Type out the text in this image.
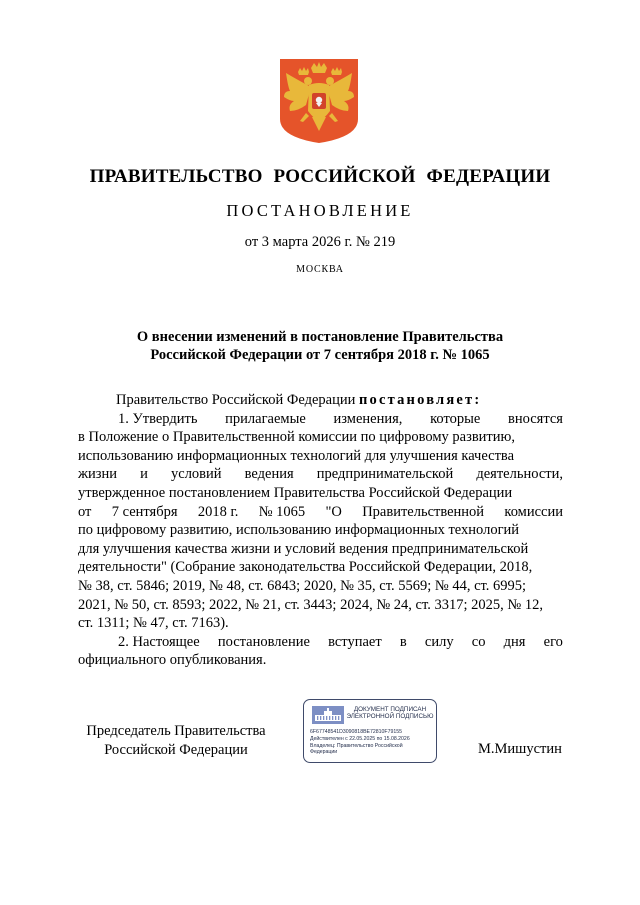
ПРАВИТЕЛЬСТВО РОССИЙСКОЙ ФЕДЕРАЦИИ
ПОСТАНОВЛЕНИЕ
от 3 марта 2026 г. № 219
МОСКВА
О внесении изменений в постановление Правительства
Российской Федерации от 7 сентября 2018 г. № 1065
Правительство Российской Федерации постановляет:
1. Утвердить прилагаемые изменения, которые вносятся
в Положение о Правительственной комиссии по цифровому развитию,
использованию информационных технологий для улучшения качества
жизни и условий ведения предпринимательской деятельности,
утвержденное постановлением Правительства Российской Федерации
от 7 сентября 2018 г. № 1065 "О Правительственной комиссии
по цифровому развитию, использованию информационных технологий
для улучшения качества жизни и условий ведения предпринимательской
деятельности" (Собрание законодательства Российской Федерации, 2018,
№ 38, ст. 5846; 2019, № 48, ст. 6843; 2020, № 35, ст. 5569; № 44, ст. 6995;
2021, № 50, ст. 8593; 2022, № 21, ст. 3443; 2024, № 24, ст. 3317; 2025, № 12,
ст. 1311; № 47, ст. 7163).
2. Настоящее постановление вступает в силу со дня его
официального опубликования.
Председатель Правительства
Российской Федерации
ДОКУМЕНТ ПОДПИСАН
ЭЛЕКТРОННОЙ ПОДПИСЬЮ
6F67748541D3090818BE72810F79155
Действителен с 22.05.2025 по 15.08.2026
Владелец: Правительство Российской
Федерации	М.Мишустин
